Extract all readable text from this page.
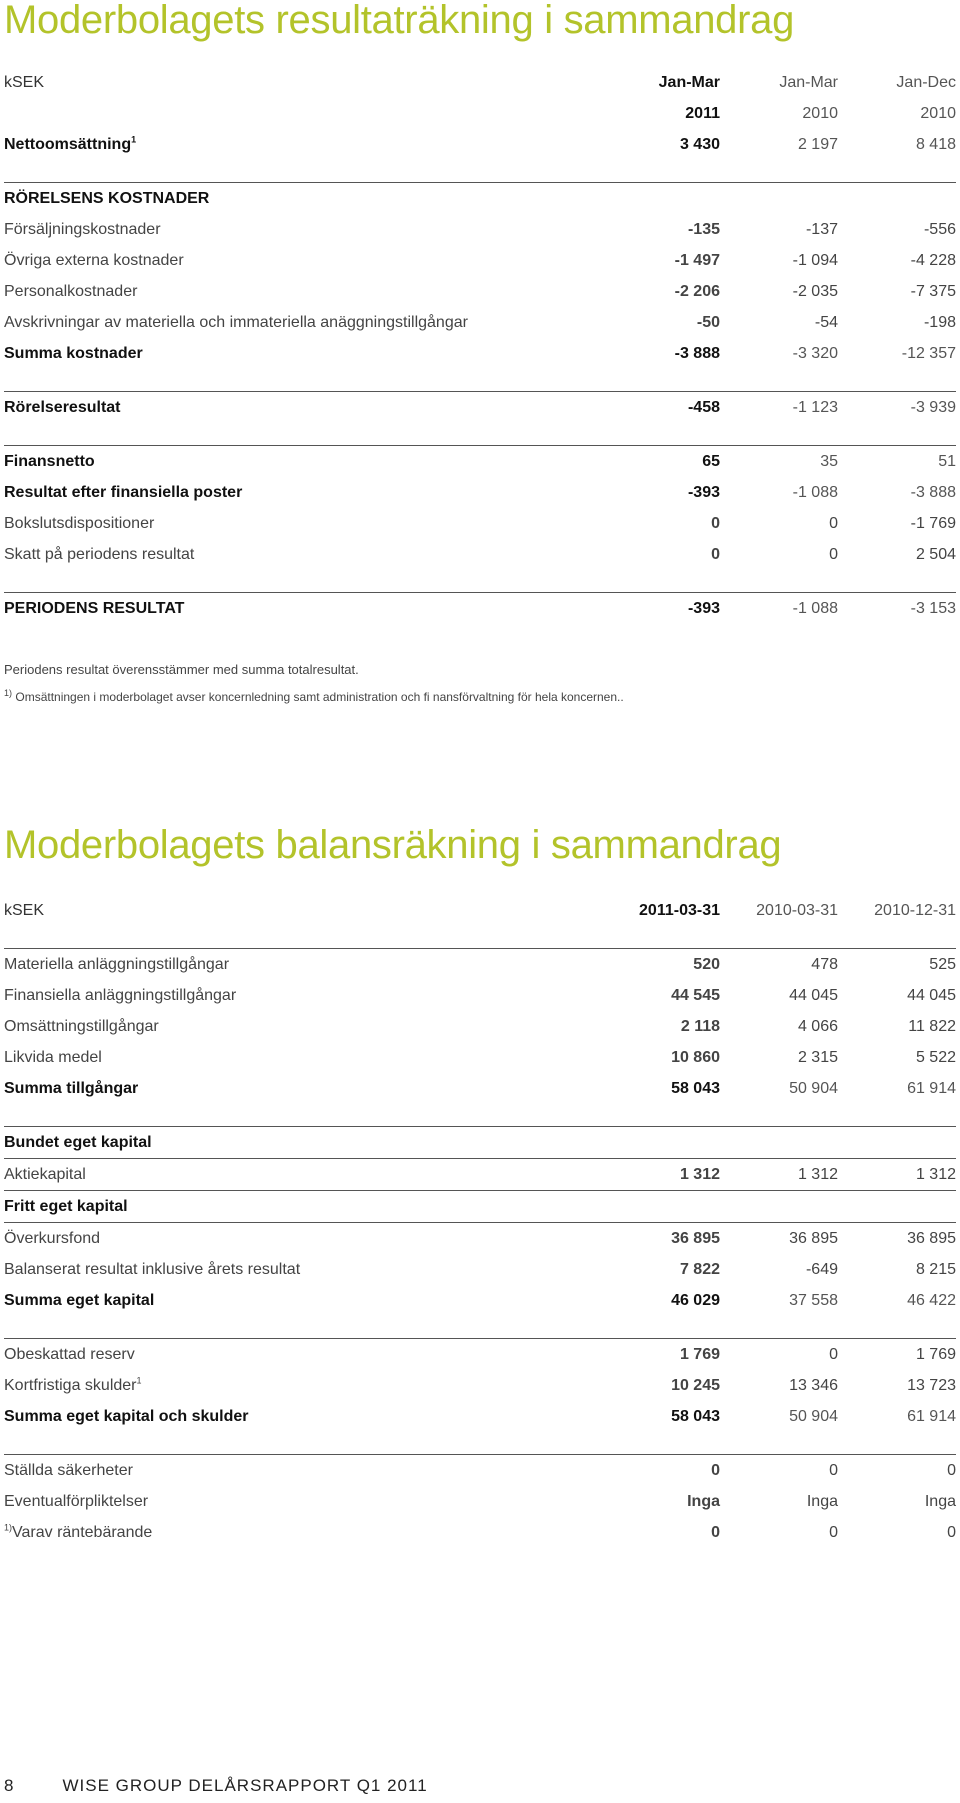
Moderbolagets resultaträkning i sammandrag
kSEK	Jan-Mar	Jan-Mar	Jan-Dec
	2011	2010	2010
Nettoomsättning$^1$	3 430	2 197	8 418

RÖRELSENS KOSTNADER			
Försäljningskostnader	-135	-137	-556
Övriga externa kostnader	-1 497	-1 094	-4 228
Personalkostnader	-2 206	-2 035	-7 375
Avskrivningar av materiella och immateriella anäggningstillgångar	-50	-54	-198
Summa kostnader	-3 888	-3 320	-12 357

Rörelseresultat	-458	-1 123	-3 939

Finansnetto	65	35	51
Resultat efter finansiella poster	-393	-1 088	-3 888
Bokslutsdispositioner	0	0	-1 769
Skatt på periodens resultat	0	0	2 504

PERIODENS RESULTAT	-393	-1 088	-3 153
Periodens resultat överensstämmer med summa totalresultat.
$^{1)}$ Omsättningen i moderbolaget avser koncernledning samt administration och fi nansförvaltning för hela koncernen..
Moderbolagets balansräkning i sammandrag
kSEK	2011-03-31	2010-03-31	2010-12-31

Materiella anläggningstillgångar	520	478	525
Finansiella anläggningstillgångar	44 545	44 045	44 045
Omsättningstillgångar	2 118	4 066	11 822
Likvida medel	10 860	2 315	5 522
Summa tillgångar	58 043	50 904	61 914

Bundet eget kapital			
Aktiekapital	1 312	1 312	1 312
Fritt eget kapital			
Överkursfond	36 895	36 895	36 895
Balanserat resultat inklusive årets resultat	7 822	-649	8 215
Summa eget kapital	46 029	37 558	46 422

Obeskattad reserv	1 769	0	1 769
Kortfristiga skulder$^1$	10 245	13 346	13 723
Summa eget kapital och skulder	58 043	50 904	61 914

Ställda säkerheter	0	0	0
Eventualförpliktelser	Inga	Inga	Inga
$^{1)}$Varav räntebärande	0	0	0
8	WISE GROUP DELÅRSRAPPORT Q1 2011
